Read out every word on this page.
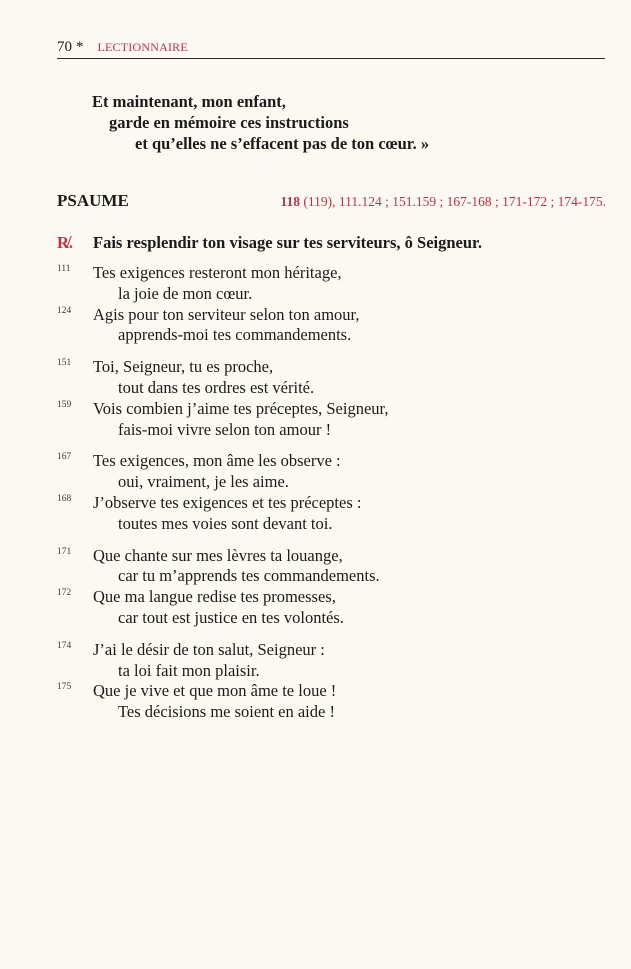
70 * LECTIONNAIRE
Et maintenant, mon enfant,
garde en mémoire ces instructions
et qu’elles ne s’effacent pas de ton cœur. »
PSAUME	118 (119), 111.124 ; 151.159 ; 167-168 ; 171-172 ; 174-175.
R̸. Fais resplendir ton visage sur tes serviteurs, ô Seigneur.
111	Tes exigences resteront mon héritage,
la joie de mon cœur.
124	Agis pour ton serviteur selon ton amour,
apprends-moi tes commandements.
151	Toi, Seigneur, tu es proche,
tout dans tes ordres est vérité.
159	Vois combien j’aime tes préceptes, Seigneur,
fais-moi vivre selon ton amour !
167	Tes exigences, mon âme les observe :
oui, vraiment, je les aime.
168	J’observe tes exigences et tes préceptes :
toutes mes voies sont devant toi.
171	Que chante sur mes lèvres ta louange,
car tu m’apprends tes commandements.
172	Que ma langue redise tes promesses,
car tout est justice en tes volontés.
174	J’ai le désir de ton salut, Seigneur :
ta loi fait mon plaisir.
175	Que je vive et que mon âme te loue !
Tes décisions me soient en aide !
